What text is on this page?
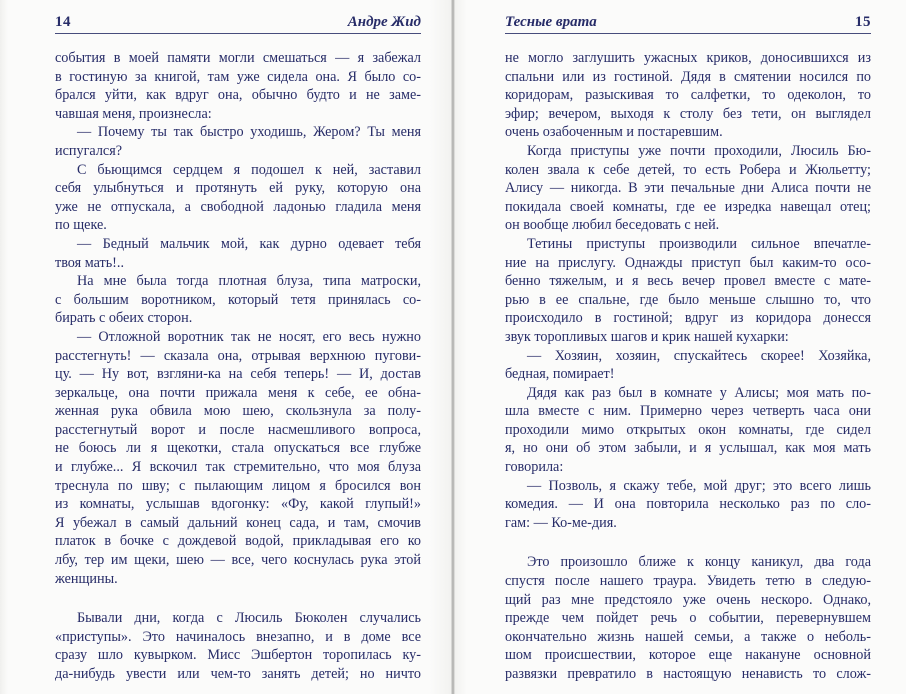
14	Андре Жид
события в моей памяти могли смешаться — я забежал
в гостиную за книгой, там уже сидела она. Я было со-
брался уйти, как вдруг она, обычно будто и не заме-
чавшая меня, произнесла:
— Почему ты так быстро уходишь, Жером? Ты меня
испугался?
С бьющимся сердцем я подошел к ней, заставил
себя улыбнуться и протянуть ей руку, которую она
уже не отпускала, а свободной ладонью гладила меня
по щеке.
— Бедный мальчик мой, как дурно одевает тебя
твоя мать!..
На мне была тогда плотная блуза, типа матроски,
с большим воротником, который тетя принялась со-
бирать с обеих сторон.
— Отложной воротник так не носят, его весь нужно
расстегнуть! — сказала она, отрывая верхнюю пугови-
цу. — Ну вот, взгляни-ка на себя теперь! — И, достав
зеркальце, она почти прижала меня к себе, ее обна-
женная рука обвила мою шею, скользнула за полу-
расстегнутый ворот и после насмешливого вопроса,
не боюсь ли я щекотки, стала опускаться все глубже
и глубже... Я вскочил так стремительно, что моя блуза
треснула по шву; с пылающим лицом я бросился вон
из комнаты, услышав вдогонку: «Фу, какой глупый!»
Я убежал в самый дальний конец сада, и там, смочив
платок в бочке с дождевой водой, прикладывая его ко
лбу, тер им щеки, шею — все, чего коснулась рука этой
женщины.
Бывали дни, когда с Люсиль Бюколен случались
«приступы». Это начиналось внезапно, и в доме все
сразу шло кувырком. Мисс Эшбертон торопилась ку-
да-нибудь увести или чем-то занять детей; но ничто
Тесные врата	15
не могло заглушить ужасных криков, доносившихся из
спальни или из гостиной. Дядя в смятении носился по
коридорам, разыскивая то салфетки, то одеколон, то
эфир; вечером, выходя к столу без тети, он выглядел
очень озабоченным и постаревшим.
Когда приступы уже почти проходили, Люсиль Бю-
колен звала к себе детей, то есть Робера и Жюльетту;
Алису — никогда. В эти печальные дни Алиса почти не
покидала своей комнаты, где ее изредка навещал отец;
он вообще любил беседовать с ней.
Тетины приступы производили сильное впечатле-
ние на прислугу. Однажды приступ был каким-то осо-
бенно тяжелым, и я весь вечер провел вместе с мате-
рью в ее спальне, где было меньше слышно то, что
происходило в гостиной; вдруг из коридора донесся
звук торопливых шагов и крик нашей кухарки:
— Хозяин, хозяин, спускайтесь скорее! Хозяйка,
бедная, помирает!
Дядя как раз был в комнате у Алисы; моя мать по-
шла вместе с ним. Примерно через четверть часа они
проходили мимо открытых окон комнаты, где сидел
я, но они об этом забыли, и я услышал, как моя мать
говорила:
— Позволь, я скажу тебе, мой друг; это всего лишь
комедия. — И она повторила несколько раз по сло-
гам: — Ко-ме-дия.
Это произошло ближе к концу каникул, два года
спустя после нашего траура. Увидеть тетю в следую-
щий раз мне предстояло уже очень нескоро. Однако,
прежде чем пойдет речь о событии, перевернувшем
окончательно жизнь нашей семьи, а также о неболь-
шом происшествии, которое еще накануне основной
развязки превратило в настоящую ненависть то слож-
